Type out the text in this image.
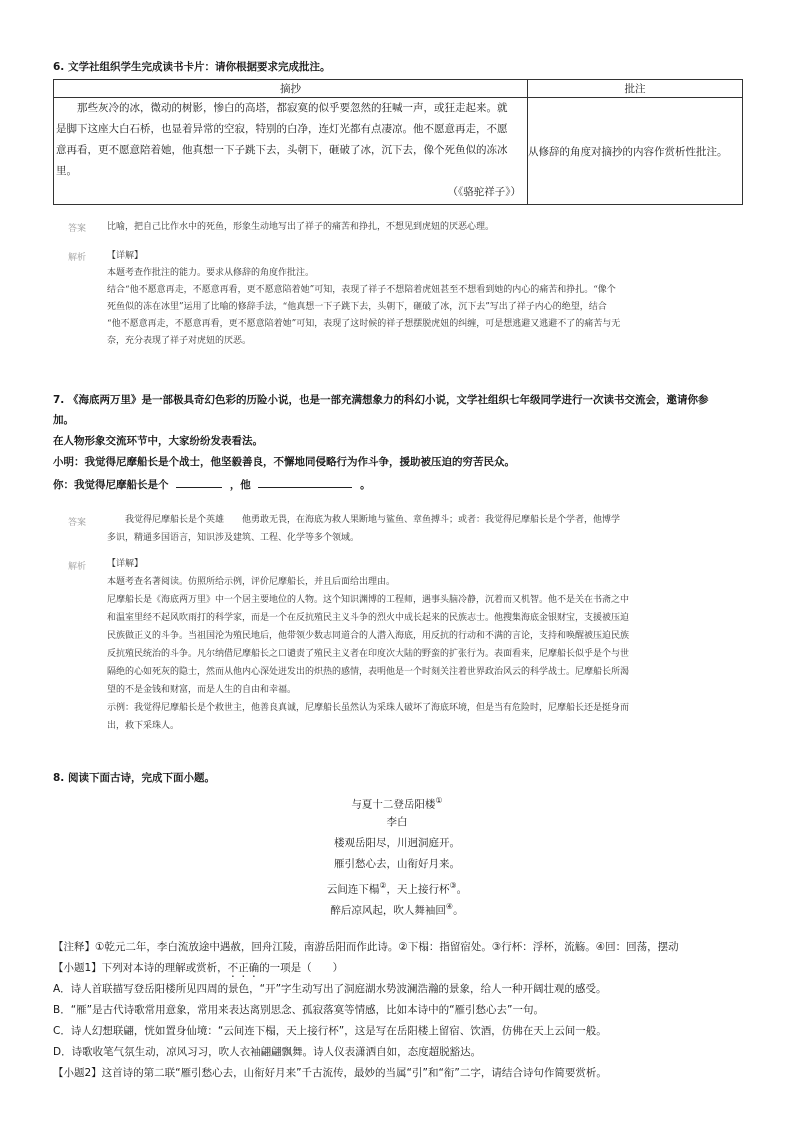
6. 文学社组织学生完成读书卡片：请你根据要求完成批注。
摘抄	批注

　　那些灰冷的冰，微动的树影，惨白的高塔，都寂寞的似乎要忽然的狂喊一声，或狂走起来。就
是脚下这座大白石桥，也显着异常的空寂，特别的白净，连灯光都有点凄凉。他不愿意再走，不愿
意再看，更不愿意陪着她，他真想一下子跳下去，头朝下，砸破了冰，沉下去，像个死鱼似的冻冰
里。
（《骆驼祥子》）	从修辞的角度对摘抄的内容作赏析性批注。
答案 比喻，把自己比作水中的死鱼，形象生动地写出了祥子的痛苦和挣扎，不想见到虎妞的厌恶心理。
解析 【详解】
本题考查作批注的能力。要求从修辞的角度作批注。
结合“他不愿意再走，不愿意再看，更不愿意陪着她”可知，表现了祥子不想陪着虎妞甚至不想看到她的内心的痛苦和挣扎。“像个
死鱼似的冻在冰里”运用了比喻的修辞手法，“他真想一下子跳下去，头朝下，砸破了冰，沉下去”写出了祥子内心的绝望，结合
“他不愿意再走，不愿意再看，更不愿意陪着她”可知，表现了这时候的祥子想摆脱虎妞的纠缠，可是想逃避又逃避不了的痛苦与无
奈，充分表现了祥子对虎妞的厌恶。
7. 《海底两万里》是一部极具奇幻色彩的历险小说，也是一部充满想象力的科幻小说，文学社组织七年级同学进行一次读书交流会，邀请你参
加。
在人物形象交流环节中，大家纷纷发表看法。
小明：我觉得尼摩船长是个战士，他坚毅善良，不懈地同侵略行为作斗争，援助被压迫的穷苦民众。
你：我觉得尼摩船长是个	，他	。
答案 　　我觉得尼摩船长是个英雄　　他勇敢无畏，在海底为救人果断地与鲨鱼、章鱼搏斗；或者：我觉得尼摩船长是个学者，他博学
多识，精通多国语言，知识涉及建筑、工程、化学等多个领域。
解析 【详解】
本题考查名著阅读。仿照所给示例，评价尼摩船长，并且后面给出理由。
尼摩船长是《海底两万里》中一个居主要地位的人物。这个知识渊博的工程师，遇事头脑冷静，沉着而又机智。他不是关在书斋之中
和温室里经不起风吹雨打的科学家，而是一个在反抗殖民主义斗争的烈火中成长起来的民族志士。他搜集海底金银财宝，支援被压迫
民族做正义的斗争。当祖国沦为殖民地后，他带领少数志同道合的人潜入海底，用反抗的行动和不满的言论，支持和唤醒被压迫民族
反抗殖民统治的斗争。凡尔纳借尼摩船长之口谴责了殖民主义者在印度次大陆的野蛮的扩张行为。表面看来，尼摩船长似乎是个与世
隔绝的心如死灰的隐士，然而从他内心深处迸发出的炽热的感情，表明他是一个时刻关注着世界政治风云的科学战士。尼摩船长所渴
望的不是金钱和财富，而是人生的自由和幸福。
示例：我觉得尼摩船长是个救世主，他善良真诚，尼摩船长虽然认为采珠人破坏了海底环境，但是当有危险时，尼摩船长还是挺身而
出，救下采珠人。
8. 阅读下面古诗，完成下面小题。
与夏十二登岳阳楼①
李白
楼观岳阳尽，川迥洞庭开。
雁引愁心去，山衔好月来。
云间连下榻②，天上接行杯③。
醉后凉风起，吹人舞袖回④。
【注释】①乾元二年，李白流放途中遇赦，回舟江陵，南游岳阳而作此诗。②下榻：指留宿处。③行杯：浮杯，流觞。④回：回荡，摆动
【小题1】下列对本诗的理解或赏析，不正确的一项是（　　）
A．诗人首联描写登岳阳楼所见四周的景色，“开”字生动写出了洞庭湖水势波澜浩瀚的景象，给人一种开阔壮观的感受。
B．“雁”是古代诗歌常用意象，常用来表达离别思念、孤寂落寞等情感，比如本诗中的“雁引愁心去”一句。
C．诗人幻想联翩，恍如置身仙境：“云间连下榻，天上接行杯”，这是写在岳阳楼上留宿、饮酒，仿佛在天上云间一般。
D．诗歌收笔气氛生动，凉风习习，吹人衣袖翩翩飘舞。诗人仪表潇洒自如，态度超脱豁达。
【小题2】这首诗的第二联“雁引愁心去，山衔好月来”千古流传，最妙的当属“引”和“衔”二字，请结合诗句作简要赏析。
